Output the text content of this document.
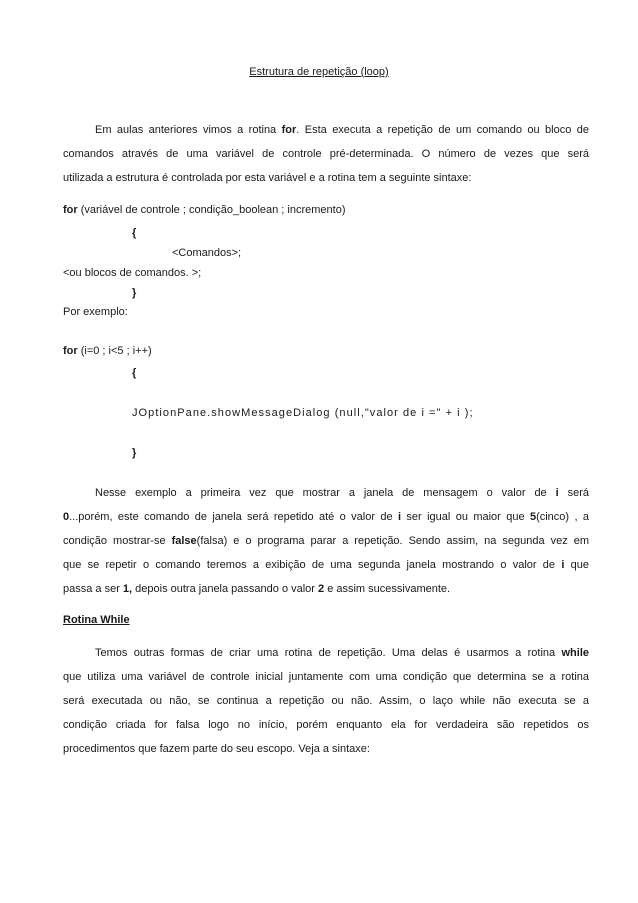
Estrutura de repetição (loop)
Em aulas anteriores vimos a rotina for. Esta executa a repetição de um comando ou bloco de
comandos através de uma variável de controle pré-determinada. O número de vezes que será
utilizada a estrutura é controlada por esta variável e a rotina tem a seguinte sintaxe:
for (variável de controle ; condição_boolean ; incremento)
{
<Comandos>;
<ou blocos de comandos. >;
}
Por exemplo:
for (i=0 ; i<5 ; i++)
{
JOptionPane.showMessageDialog (null,"valor de i =" + i );
}
Nesse exemplo a primeira vez que mostrar a janela de mensagem o valor de i será
0...porém, este comando de janela será repetido até o valor de i ser igual ou maior que 5(cinco) , a
condição mostrar-se false(falsa) e o programa parar a repetição. Sendo assim, na segunda vez em
que se repetir o comando teremos a exibição de uma segunda janela mostrando o valor de i que
passa a ser 1, depois outra janela passando o valor 2 e assim sucessivamente.
Rotina While
Temos outras formas de criar uma rotina de repetição. Uma delas é usarmos a rotina while
que utiliza uma variável de controle inicial juntamente com uma condição que determina se a rotina
será executada ou não, se continua a repetição ou não. Assim, o laço while não executa se a
condição criada for falsa logo no início, porém enquanto ela for verdadeira são repetidos os
procedimentos que fazem parte do seu escopo. Veja a sintaxe:
